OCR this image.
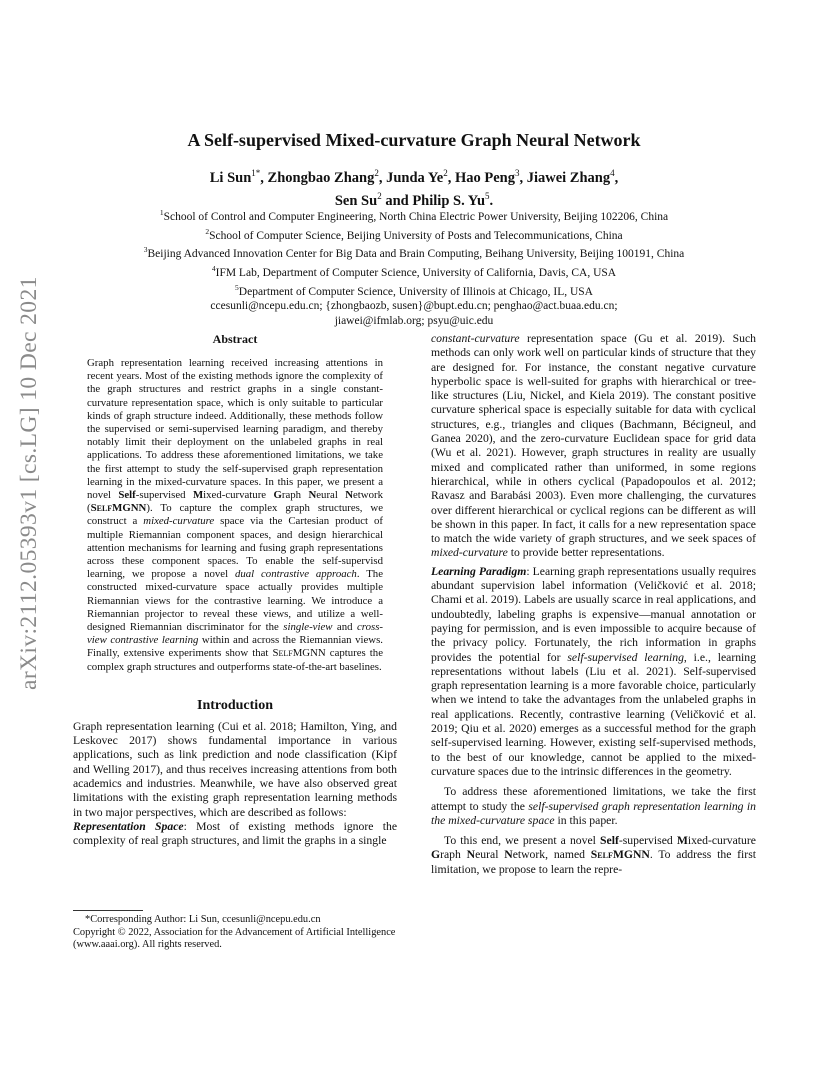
arXiv:2112.05393v1 [cs.LG] 10 Dec 2021
A Self-supervised Mixed-curvature Graph Neural Network
Li Sun$^{1*}$, Zhongbao Zhang$^2$, Junda Ye$^2$, Hao Peng$^3$, Jiawei Zhang$^4$,
Sen Su$^2$ and Philip S. Yu$^5$.
$^1$School of Control and Computer Engineering, North China Electric Power University, Beijing 102206, China
$^2$School of Computer Science, Beijing University of Posts and Telecommunications, China
$^3$Beijing Advanced Innovation Center for Big Data and Brain Computing, Beihang University, Beijing 100191, China
$^4$IFM Lab, Department of Computer Science, University of California, Davis, CA, USA
$^5$Department of Computer Science, University of Illinois at Chicago, IL, USA
ccesunli@ncepu.edu.cn; {zhongbaozb, susen}@bupt.edu.cn; penghao@act.buaa.edu.cn;
jiawei@ifmlab.org; psyu@uic.edu
Abstract

Graph representation learning received increasing attentions in recent years. Most of the existing methods ignore the complexity of the graph structures and restrict graphs in a single constant-curvature representation space, which is only suitable to particular kinds of graph structure indeed. Additionally, these methods follow the supervised or semi-supervised learning paradigm, and thereby notably limit their deployment on the unlabeled graphs in real applications. To address these aforementioned limitations, we take the first attempt to study the self-supervised graph representation learning in the mixed-curvature spaces. In this paper, we present a novel Self-supervised Mixed-curvature Graph Neural Network (SelfMGNN). To capture the complex graph structures, we construct a mixed-curvature space via the Cartesian product of multiple Riemannian component spaces, and design hierarchical attention mechanisms for learning and fusing graph representations across these component spaces. To enable the self-supervisd learning, we propose a novel dual contrastive approach. The constructed mixed-curvature space actually provides multiple Riemannian views for the contrastive learning. We introduce a Riemannian projector to reveal these views, and utilize a well-designed Riemannian discriminator for the single-view and cross-view contrastive learning within and across the Riemannian views. Finally, extensive experiments show that SelfMGNN captures the complex graph structures and outperforms state-of-the-art baselines.

Introduction

Graph representation learning (Cui et al. 2018; Hamilton, Ying, and Leskovec 2017) shows fundamental importance in various applications, such as link prediction and node classification (Kipf and Welling 2017), and thus receives increasing attentions from both academics and industries. Meanwhile, we have also observed great limitations with the existing graph representation learning methods in two major perspectives, which are described as follows:

Representation Space: Most of existing methods ignore the complexity of real graph structures, and limit the graphs in a single

*Corresponding Author: Li Sun, ccesunli@ncepu.edu.cn

Copyright © 2022, Association for the Advancement of Artificial Intelligence (www.aaai.org). All rights reserved.

constant-curvature representation space (Gu et al. 2019). Such methods can only work well on particular kinds of structure that they are designed for. For instance, the constant negative curvature hyperbolic space is well-suited for graphs with hierarchical or tree-like structures (Liu, Nickel, and Kiela 2019). The constant positive curvature spherical space is especially suitable for data with cyclical structures, e.g., triangles and cliques (Bachmann, Bécigneul, and Ganea 2020), and the zero-curvature Euclidean space for grid data (Wu et al. 2021). However, graph structures in reality are usually mixed and complicated rather than uniformed, in some regions hierarchical, while in others cyclical (Papadopoulos et al. 2012; Ravasz and Barabási 2003). Even more challenging, the curvatures over different hierarchical or cyclical regions can be different as will be shown in this paper. In fact, it calls for a new representation space to match the wide variety of graph structures, and we seek spaces of mixed-curvature to provide better representations.

Learning Paradigm: Learning graph representations usually requires abundant supervision label information (Veličković et al. 2018; Chami et al. 2019). Labels are usually scarce in real applications, and undoubtedly, labeling graphs is expensive—manual annotation or paying for permission, and is even impossible to acquire because of the privacy policy. Fortunately, the rich information in graphs provides the potential for self-supervised learning, i.e., learning representations without labels (Liu et al. 2021). Self-supervised graph representation learning is a more favorable choice, particularly when we intend to take the advantages from the unlabeled graphs in real applications. Recently, contrastive learning (Veličković et al. 2019; Qiu et al. 2020) emerges as a successful method for the graph self-supervised learning. However, existing self-supervised methods, to the best of our knowledge, cannot be applied to the mixed-curvature spaces due to the intrinsic differences in the geometry.

To address these aforementioned limitations, we take the first attempt to study the self-supervised graph representation learning in the mixed-curvature space in this paper.

To this end, we present a novel Self-supervised Mixed-curvature Graph Neural Network, named SelfMGNN. To address the first limitation, we propose to learn the repre-
